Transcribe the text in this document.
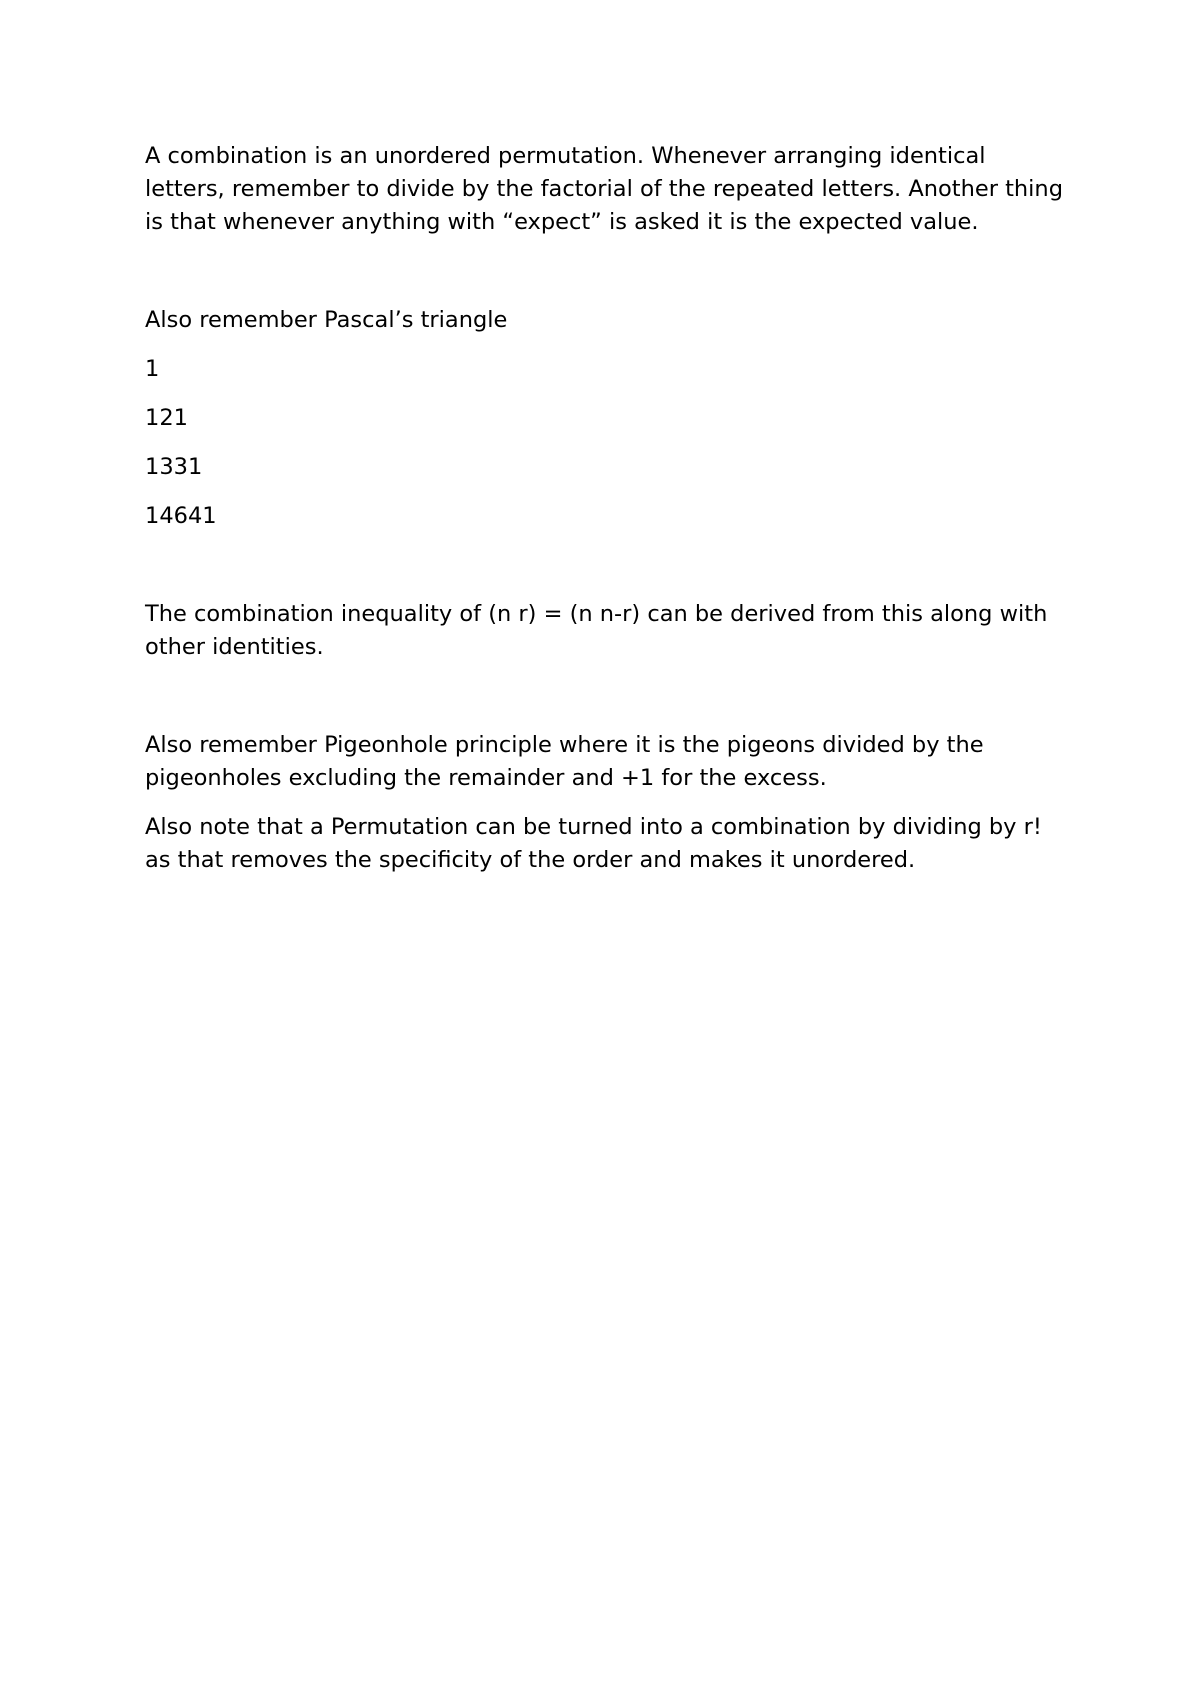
A combination is an unordered permutation. Whenever arranging identical letters, remember to divide by the factorial of the repeated letters. Another thing is that whenever anything with “expect” is asked it is the expected value.

Also remember Pascal’s triangle

1

121

1331

14641

The combination inequality of (n r) = (n n-r) can be derived from this along with other identities.

Also remember Pigeonhole principle where it is the pigeons divided by the pigeonholes excluding the remainder and +1 for the excess.

Also note that a Permutation can be turned into a combination by dividing by r! as that removes the specificity of the order and makes it unordered.
